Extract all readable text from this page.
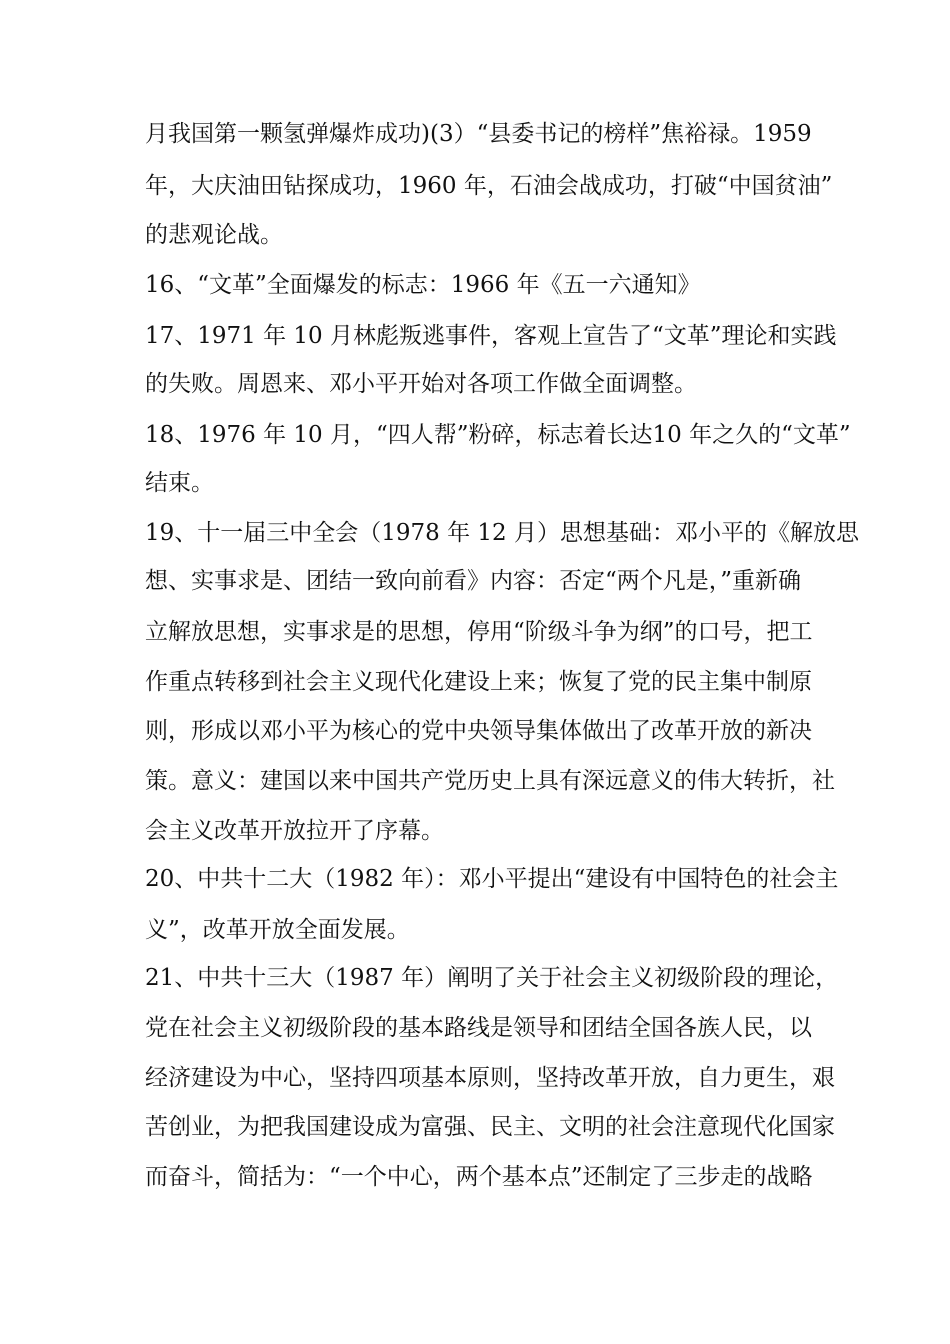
月我国第一颗氢弹爆炸成功)(3）“县委书记的榜样”焦裕禄。1959
年，大庆油田钻探成功，1960 年，石油会战成功，打破“中国贫油”
的悲观论战。
16、“文革”全面爆发的标志：1966 年《五一六通知》
17、1971 年 10 月林彪叛逃事件，客观上宣告了“文革”理论和实践
的失败。周恩来、邓小平开始对各项工作做全面调整。
18、1976 年 10 月，“四人帮”粉碎，标志着长达10 年之久的“文革”
结束。
19、十一届三中全会（1978 年 12 月）思想基础：邓小平的《解放思
想、实事求是、团结一致向前看》内容：否定“两个凡是，”重新确
立解放思想，实事求是的思想，停用“阶级斗争为纲”的口号，把工
作重点转移到社会主义现代化建设上来；恢复了党的民主集中制原
则，形成以邓小平为核心的党中央领导集体做出了改革开放的新决
策。意义：建国以来中国共产党历史上具有深远意义的伟大转折，社
会主义改革开放拉开了序幕。
20、中共十二大（1982 年）：邓小平提出“建设有中国特色的社会主
义”，改革开放全面发展。
21、中共十三大（1987 年）阐明了关于社会主义初级阶段的理论，
党在社会主义初级阶段的基本路线是领导和团结全国各族人民，以
经济建设为中心，坚持四项基本原则，坚持改革开放，自力更生，艰
苦创业，为把我国建设成为富强、民主、文明的社会注意现代化国家
而奋斗，简括为：“一个中心，两个基本点”还制定了三步走的战略
